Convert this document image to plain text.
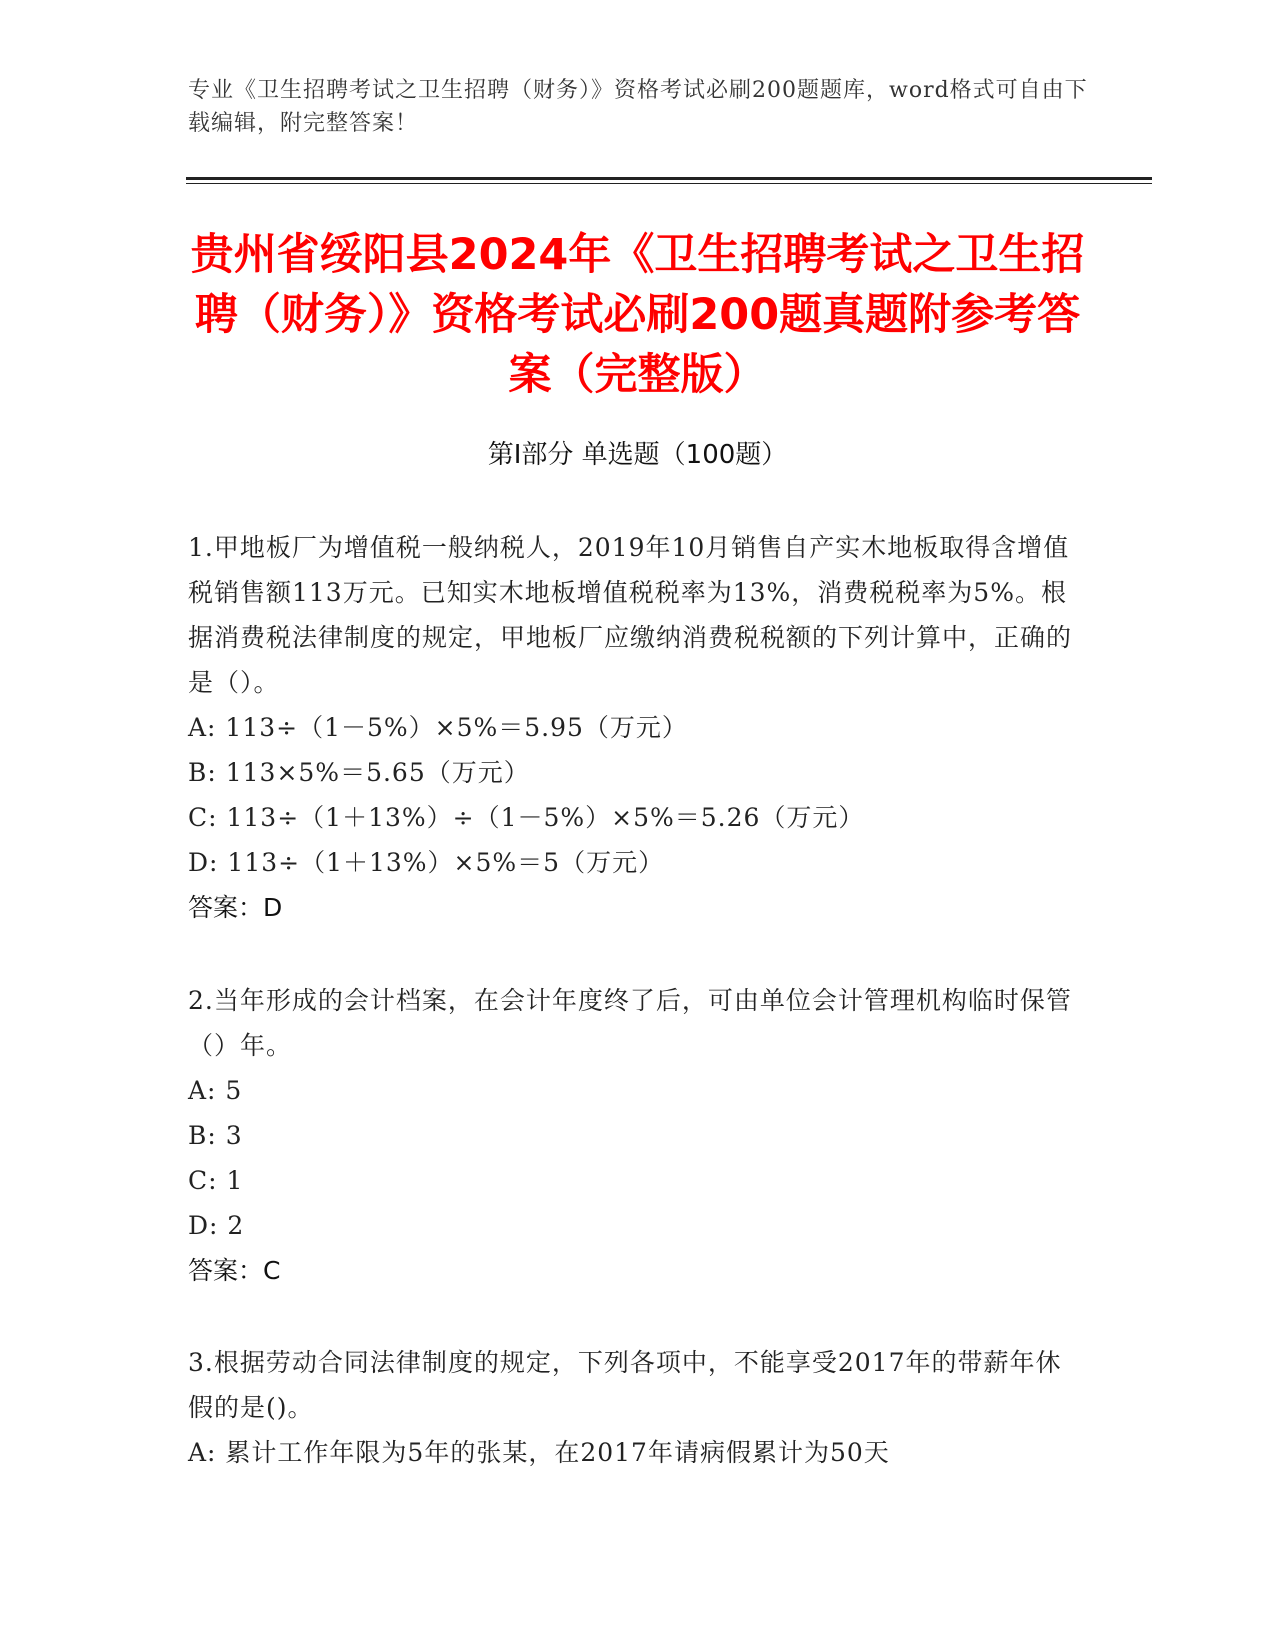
专业《卫生招聘考试之卫生招聘（财务）》资格考试必刷200题题库，word格式可自由下载编辑，附完整答案！
贵州省绥阳县2024年《卫生招聘考试之卫生招聘（财务）》资格考试必刷200题真题附参考答案（完整版）
第Ⅰ部分 单选题（100题）

1.甲地板厂为增值税一般纳税人，2019年10月销售自产实木地板取得含增值税销售额113万元。已知实木地板增值税税率为13%，消费税税率为5%。根据消费税法律制度的规定，甲地板厂应缴纳消费税税额的下列计算中，正确的是（）。

A: 113÷（1－5%）×5%＝5.95（万元）

B: 113×5%＝5.65（万元）

C: 113÷（1＋13%）÷（1－5%）×5%＝5.26（万元）

D: 113÷（1＋13%）×5%＝5（万元）

答案：D

2.当年形成的会计档案，在会计年度终了后，可由单位会计管理机构临时保管（）年。

A: 5

B: 3

C: 1

D: 2

答案：C

3.根据劳动合同法律制度的规定，下列各项中，不能享受2017年的带薪年休假的是()。

A: 累计工作年限为5年的张某，在2017年请病假累计为50天
